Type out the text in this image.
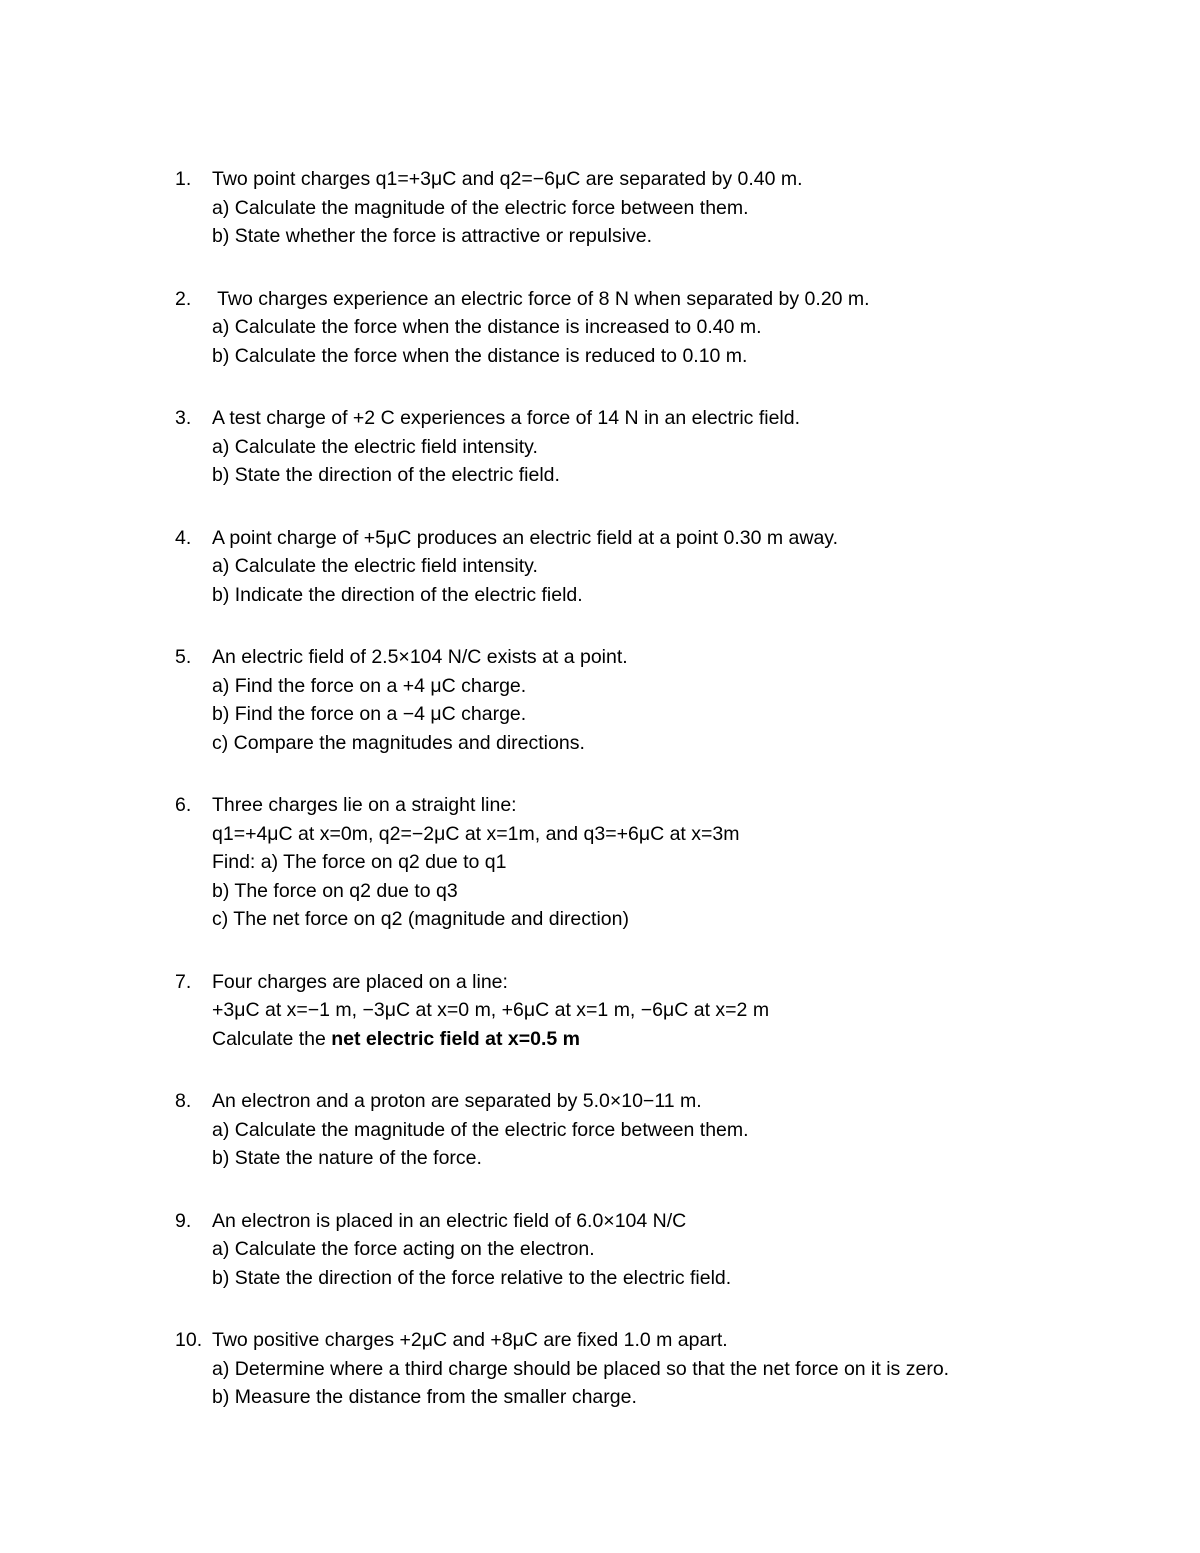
1. Two point charges q1=+3μC and q2=−6μC are separated by 0.40 m.
a) Calculate the magnitude of the electric force between them.
b) State whether the force is attractive or repulsive.
2. Two charges experience an electric force of 8 N when separated by 0.20 m.
a) Calculate the force when the distance is increased to 0.40 m.
b) Calculate the force when the distance is reduced to 0.10 m.
3. A test charge of +2 C experiences a force of 14 N in an electric field.
a) Calculate the electric field intensity.
b) State the direction of the electric field.
4. A point charge of +5μC produces an electric field at a point 0.30 m away.
a) Calculate the electric field intensity.
b) Indicate the direction of the electric field.
5. An electric field of 2.5×104 N/C exists at a point.
a) Find the force on a +4 μC charge.
b) Find the force on a −4 μC charge.
c) Compare the magnitudes and directions.
6. Three charges lie on a straight line:
q1=+4μC at x=0m, q2=−2μC at x=1m, and q3=+6μC at x=3m
Find: a) The force on q2 due to q1
b) The force on q2 due to q3
c) The net force on q2 (magnitude and direction)
7. Four charges are placed on a line:
+3μC at x=−1 m, −3μC at x=0 m, +6μC at x=1 m, −6μC at x=2 m
Calculate the net electric field at x=0.5 m
8. An electron and a proton are separated by 5.0×10−11 m.
a) Calculate the magnitude of the electric force between them.
b) State the nature of the force.
9. An electron is placed in an electric field of 6.0×104 N/C
a) Calculate the force acting on the electron.
b) State the direction of the force relative to the electric field.
10. Two positive charges +2μC and +8μC are fixed 1.0 m apart.
a) Determine where a third charge should be placed so that the net force on it is zero.
b) Measure the distance from the smaller charge.
